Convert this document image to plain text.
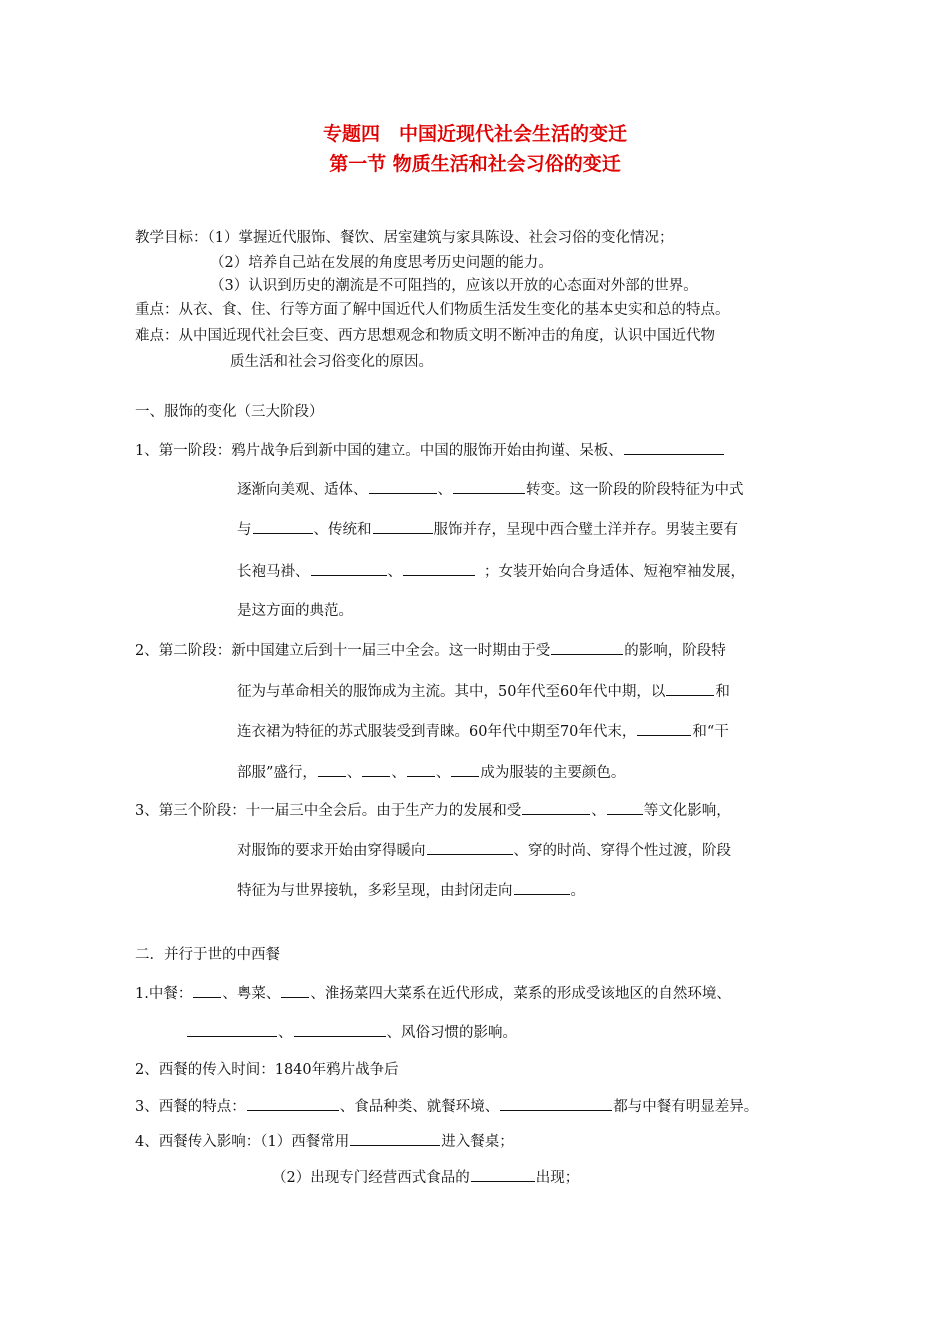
专题四　中国近现代社会生活的变迁
第一节 物质生活和社会习俗的变迁
教学目标：（1）掌握近代服饰、餐饮、居室建筑与家具陈设、社会习俗的变化情况；
（2）培养自己站在发展的角度思考历史问题的能力。
（3）认识到历史的潮流是不可阻挡的，应该以开放的心态面对外部的世界。
重点：从衣、食、住、行等方面了解中国近代人们物质生活发生变化的基本史实和总的特点。
难点：从中国近现代社会巨变、西方思想观念和物质文明不断冲击的角度，认识中国近代物
质生活和社会习俗变化的原因。
一、服饰的变化（三大阶段）
1、第一阶段：鸦片战争后到新中国的建立。中国的服饰开始由拘谨、呆板、
逐渐向美观、适体、	、	转变。这一阶段的阶段特征为中式
与	、传统和	服饰并存，呈现中西合璧土洋并存。男装主要有
长袍马褂、	、	；女装开始向合身适体、短袍窄袖发展，
是这方面的典范。
2、第二阶段：新中国建立后到十一届三中全会。这一时期由于受	的影响，阶段特
征为与革命相关的服饰成为主流。其中，50年代至60年代中期，以	和
连衣裙为特征的苏式服装受到青睐。60年代中期至70年代末，	和“干
部服”盛行， 、 、 、 成为服装的主要颜色。
3、第三个阶段：十一届三中全会后。由于生产力的发展和受	、	等文化影响，
对服饰的要求开始由穿得暖向	、穿的时尚、穿得个性过渡，阶段
特征为与世界接轨，多彩呈现，由封闭走向	。
二．并行于世的中西餐
1.中餐： 、粤菜、 、淮扬菜四大菜系在近代形成，菜系的形成受该地区的自然环境、
、	、风俗习惯的影响。
2、西餐的传入时间：1840年鸦片战争后
3、西餐的特点：	、食品种类、就餐环境、	都与中餐有明显差异。
4、西餐传入影响：（1）西餐常用	进入餐桌；
（2）出现专门经营西式食品的	出现；
